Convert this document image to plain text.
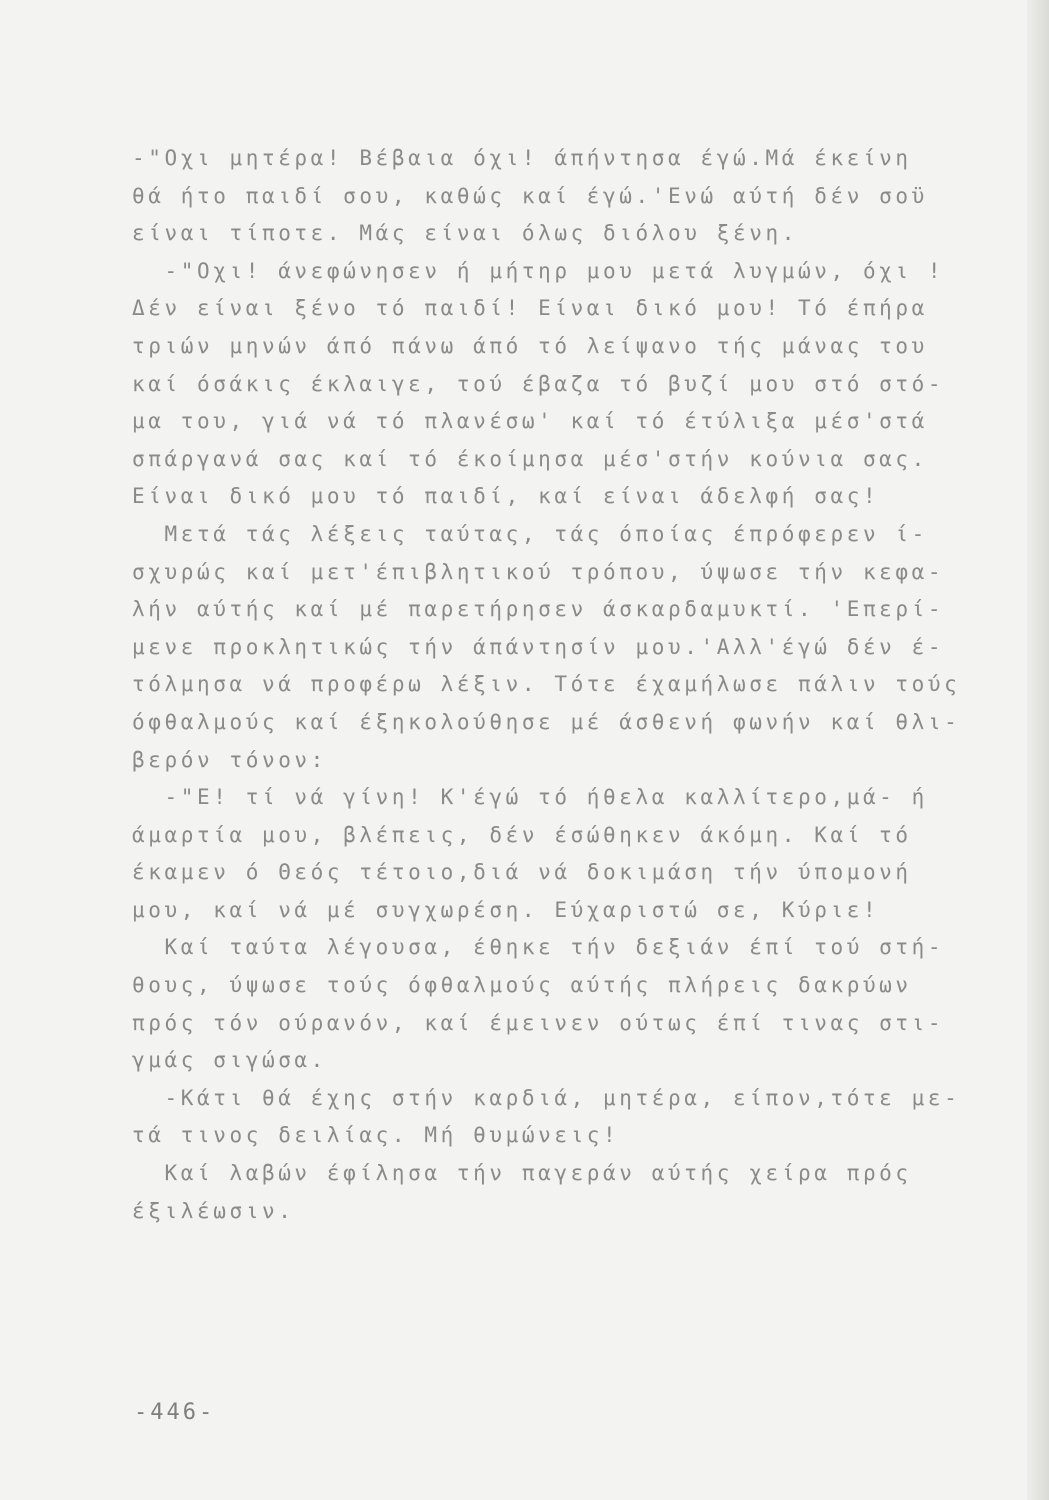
-"Οχι μητέρα! Βέβαια όχι! άπήντησα έγώ.Μά έκείνη
θά ήτο παιδί σου, καθώς καί έγώ.'Ενώ αύτή δέν σοϋ
είναι τίποτε. Μάς είναι όλως διόλου ξένη.
-"Οχι! άνεφώνησεν ή μήτηρ μου μετά λυγμών, όχι !
Δέν είναι ξένο τό παιδί! Είναι δικό μου! Τό έπήρα
τριών μηνών άπό πάνω άπό τό λείψανο τής μάνας του
καί όσάκις έκλαιγε, τού έβαζα τό βυζί μου στό στό-
μα του, γιά νά τό πλανέσω' καί τό έτύλιξα μέσ'στά
σπάργανά σας καί τό έκοίμησα μέσ'στήν κούνια σας.
Είναι δικό μου τό παιδί, καί είναι άδελφή σας!
Μετά τάς λέξεις ταύτας, τάς όποίας έπρόφερεν ί-
σχυρώς καί μετ'έπιβλητικού τρόπου, ύψωσε τήν κεφα-
λήν αύτής καί μέ παρετήρησεν άσκαρδαμυκτί. 'Επερί-
μενε προκλητικώς τήν άπάντησίν μου.'Αλλ'έγώ δέν έ-
τόλμησα νά προφέρω λέξιν. Τότε έχαμήλωσε πάλιν τούς
όφθαλμούς καί έξηκολούθησε μέ άσθενή φωνήν καί θλι-
βερόν τόνον:
-"Ε! τί νά γίνη! Κ'έγώ τό ήθελα καλλίτερο,μά- ή
άμαρτία μου, βλέπεις, δέν έσώθηκεν άκόμη. Καί τό
έκαμεν ό Θεός τέτοιο,διά νά δοκιμάση τήν ύπομονή
μου, καί νά μέ συγχωρέση. Εύχαριστώ σε, Κύριε!
Καί ταύτα λέγουσα, έθηκε τήν δεξιάν έπί τού στή-
θους, ύψωσε τούς όφθαλμούς αύτής πλήρεις δακρύων
πρός τόν ούρανόν, καί έμεινεν ούτως έπί τινας στι-
γμάς σιγώσα.
-Κάτι θά έχης στήν καρδιά, μητέρα, είπον,τότε με-
τά τινος δειλίας. Μή θυμώνεις!
Καί λαβών έφίλησα τήν παγεράν αύτής χείρα πρός
έξιλέωσιν.
-446-
